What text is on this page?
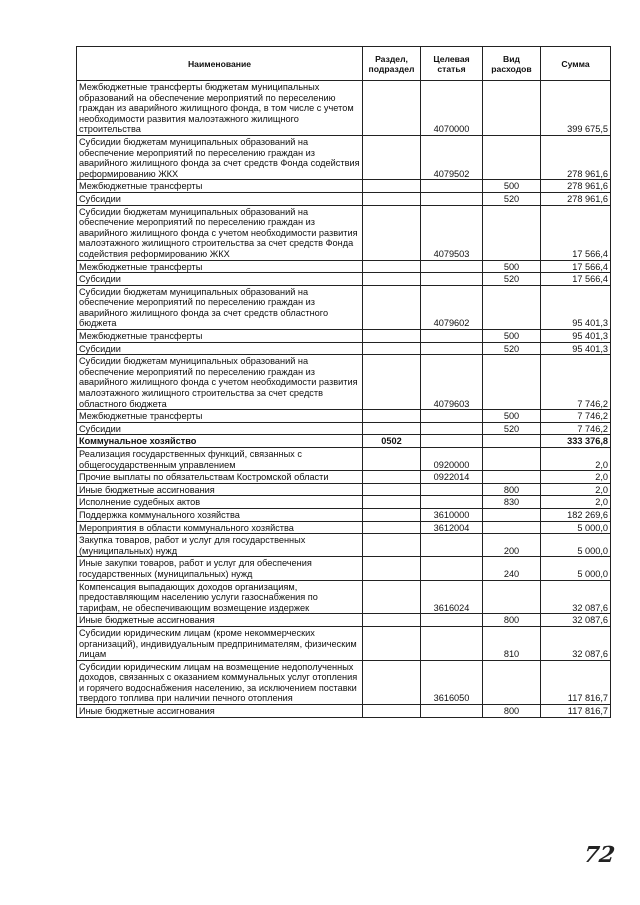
Наименование	Раздел, подраздел	Целевая статья	Вид расходов	Сумма
Межбюджетные трансферты бюджетам муниципальных образований на обеспечение мероприятий по переселению граждан из аварийного жилищного фонда, в том числе с учетом необходимости развития малоэтажного жилищного строительства		4070000		399 675,5
Субсидии бюджетам муниципальных образований на обеспечение мероприятий по переселению граждан из аварийного жилищного фонда за счет средств Фонда содействия реформированию ЖКХ		4079502		278 961,6
Межбюджетные трансферты			500	278 961,6
Субсидии			520	278 961,6
Субсидии бюджетам муниципальных образований на обеспечение мероприятий по переселению граждан из аварийного жилищного фонда с учетом необходимости развития малоэтажного жилищного строительства за счет средств Фонда содействия реформированию ЖКХ		4079503		17 566,4
Межбюджетные трансферты			500	17 566,4
Субсидии			520	17 566,4
Субсидии бюджетам муниципальных образований на обеспечение мероприятий по переселению граждан из аварийного жилищного фонда за счет средств областного бюджета		4079602		95 401,3
Межбюджетные трансферты			500	95 401,3
Субсидии			520	95 401,3
Субсидии бюджетам муниципальных образований на обеспечение мероприятий по переселению граждан из аварийного жилищного фонда с учетом необходимости развития малоэтажного жилищного строительства за счет средств областного бюджета		4079603		7 746,2
Межбюджетные трансферты			500	7 746,2
Субсидии			520	7 746,2
Коммунальное хозяйство	0502			333 376,8
Реализация государственных функций, связанных с общегосударственным управлением		0920000		2,0
Прочие выплаты по обязательствам Костромской области		0922014		2,0
Иные бюджетные ассигнования			800	2,0
Исполнение судебных актов			830	2,0
Поддержка коммунального хозяйства		3610000		182 269,6
Мероприятия в области коммунального хозяйства		3612004		5 000,0
Закупка товаров, работ и услуг для государственных (муниципальных) нужд			200	5 000,0
Иные закупки товаров, работ и услуг для обеспечения государственных (муниципальных) нужд			240	5 000,0
Компенсация выпадающих доходов организациям, предоставляющим населению услуги газоснабжения по тарифам, не обеспечивающим возмещение издержек		3616024		32 087,6
Иные бюджетные ассигнования			800	32 087,6
Субсидии юридическим лицам (кроме некоммерческих организаций), индивидуальным предпринимателям, физическим лицам			810	32 087,6
Субсидии юридическим лицам на возмещение недополученных доходов, связанных с оказанием коммунальных услуг отопления и горячего водоснабжения населению, за исключением поставки твердого топлива при наличии печного отопления		3616050		117 816,7
Иные бюджетные ассигнования			800	117 816,7
72
